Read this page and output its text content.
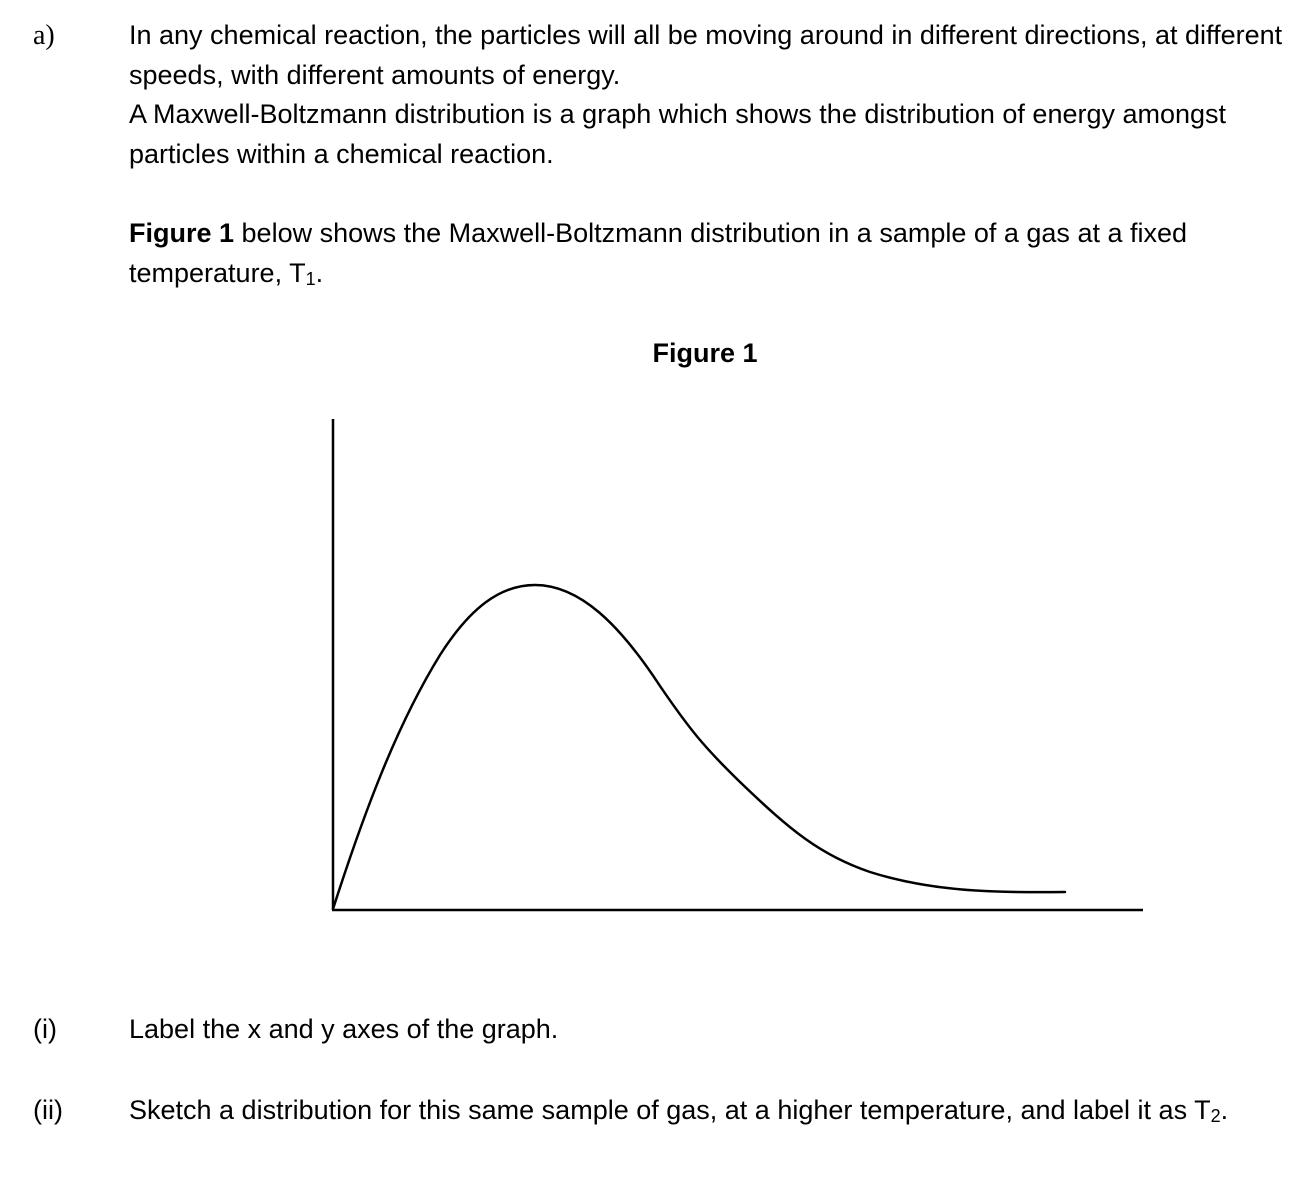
a)	In any chemical reaction, the particles will all be moving around in different directions, at different speeds, with different amounts of energy.

A Maxwell-Boltzmann distribution is a graph which shows the distribution of energy amongst particles within a chemical reaction.

Figure 1 below shows the Maxwell-Boltzmann distribution in a sample of a gas at a fixed temperature, T1.

Figure 1
(i)	Label the x and y axes of the graph.

(ii) Sketch a distribution for this same sample of gas, at a higher temperature, and label it as T2.
